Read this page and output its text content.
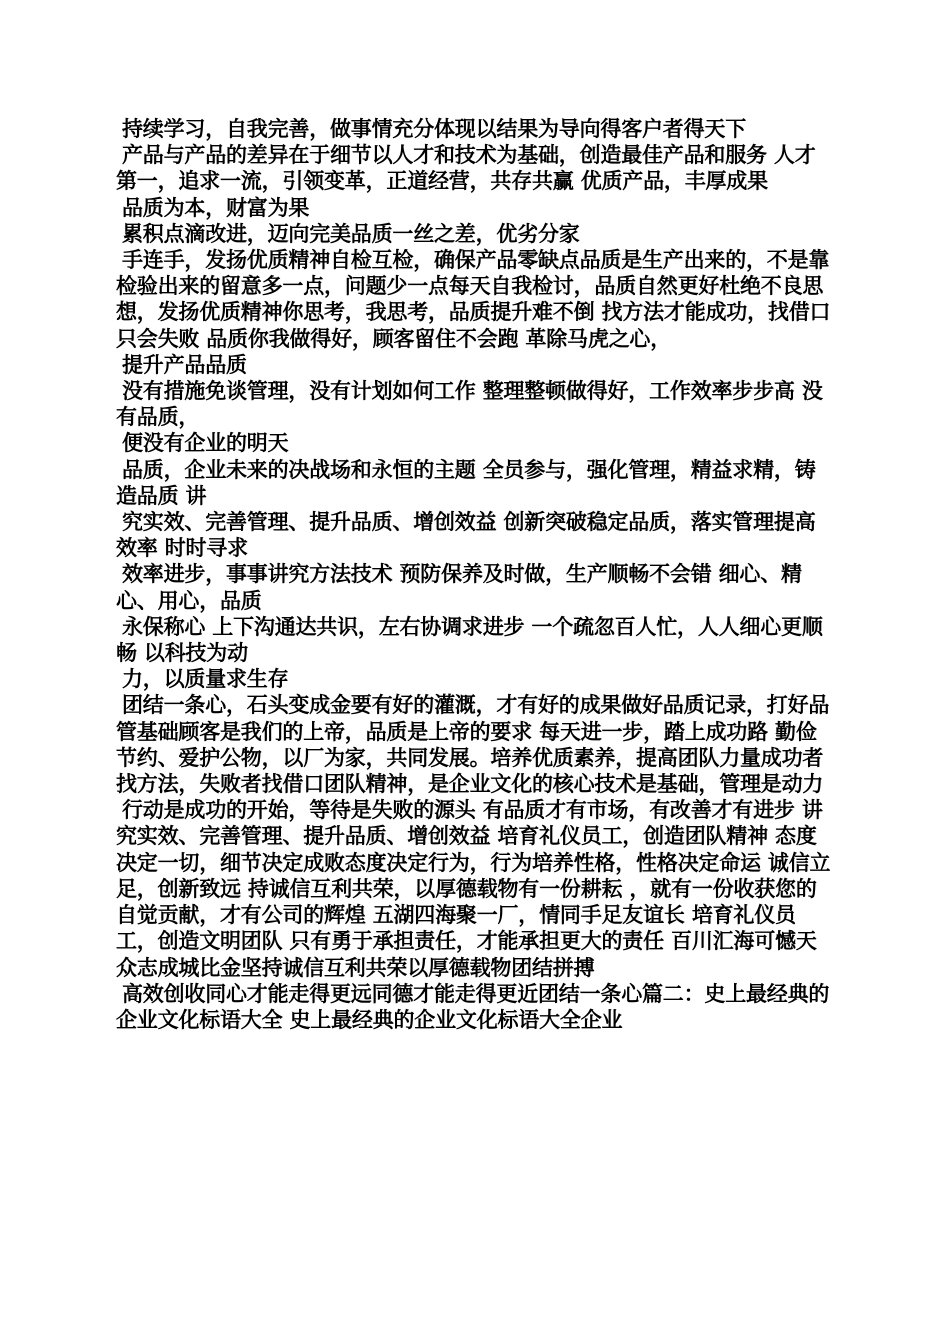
持续学习，自我完善，做事情充分体现以结果为导向得客户者得天下

产品与产品的差异在于细节以人才和技术为基础，创造最佳产品和服务 人才第一，追求一流，引领变革，正道经营，共存共赢 优质产品，丰厚成果

品质为本，财富为果

累积点滴改进，迈向完美品质一丝之差，优劣分家

手连手，发扬优质精神自检互检，确保产品零缺点品质是生产出来的，不是靠检验出来的留意多一点，问题少一点每天自我检讨，品质自然更好杜绝不良思想，发扬优质精神你思考，我思考，品质提升难不倒 找方法才能成功，找借口只会失败 品质你我做得好，顾客留住不会跑 革除马虎之心，

提升产品品质

没有措施免谈管理，没有计划如何工作 整理整顿做得好，工作效率步步高 没有品质，

便没有企业的明天

品质，企业未来的决战场和永恒的主题 全员参与，强化管理，精益求精，铸造品质 讲

究实效、完善管理、提升品质、增创效益 创新突破稳定品质，落实管理提高效率 时时寻求

效率进步，事事讲究方法技术 预防保养及时做，生产顺畅不会错 细心、精心、用心，品质

永保称心 上下沟通达共识，左右协调求进步 一个疏忽百人忙，人人细心更顺畅 以科技为动

力，以质量求生存

团结一条心，石头变成金要有好的灌溉，才有好的成果做好品质记录，打好品管基础顾客是我们的上帝，品质是上帝的要求 每天进一步，踏上成功路 勤俭节约、爱护公物，以厂为家，共同发展。培养优质素养，提高团队力量成功者找方法，失败者找借口团队精神，是企业文化的核心技术是基础，管理是动力

行动是成功的开始，等待是失败的源头 有品质才有市场，有改善才有进步 讲究实效、完善管理、提升品质、增创效益 培育礼仪员工，创造团队精神 态度决定一切，细节决定成败态度决定行为，行为培养性格，性格决定命运 诚信立足，创新致远 持诚信互利共荣，以厚德载物有一份耕耘 ，就有一份收获您的自觉贡献，才有公司的辉煌 五湖四海聚一厂，情同手足友谊长 培育礼仪员工，创造文明团队 只有勇于承担责任，才能承担更大的责任 百川汇海可憾天 众志成城比金坚持诚信互利共荣以厚德载物团结拼搏

高效创收同心才能走得更远同德才能走得更近团结一条心篇二：史上最经典的企业文化标语大全 史上最经典的企业文化标语大全企业
